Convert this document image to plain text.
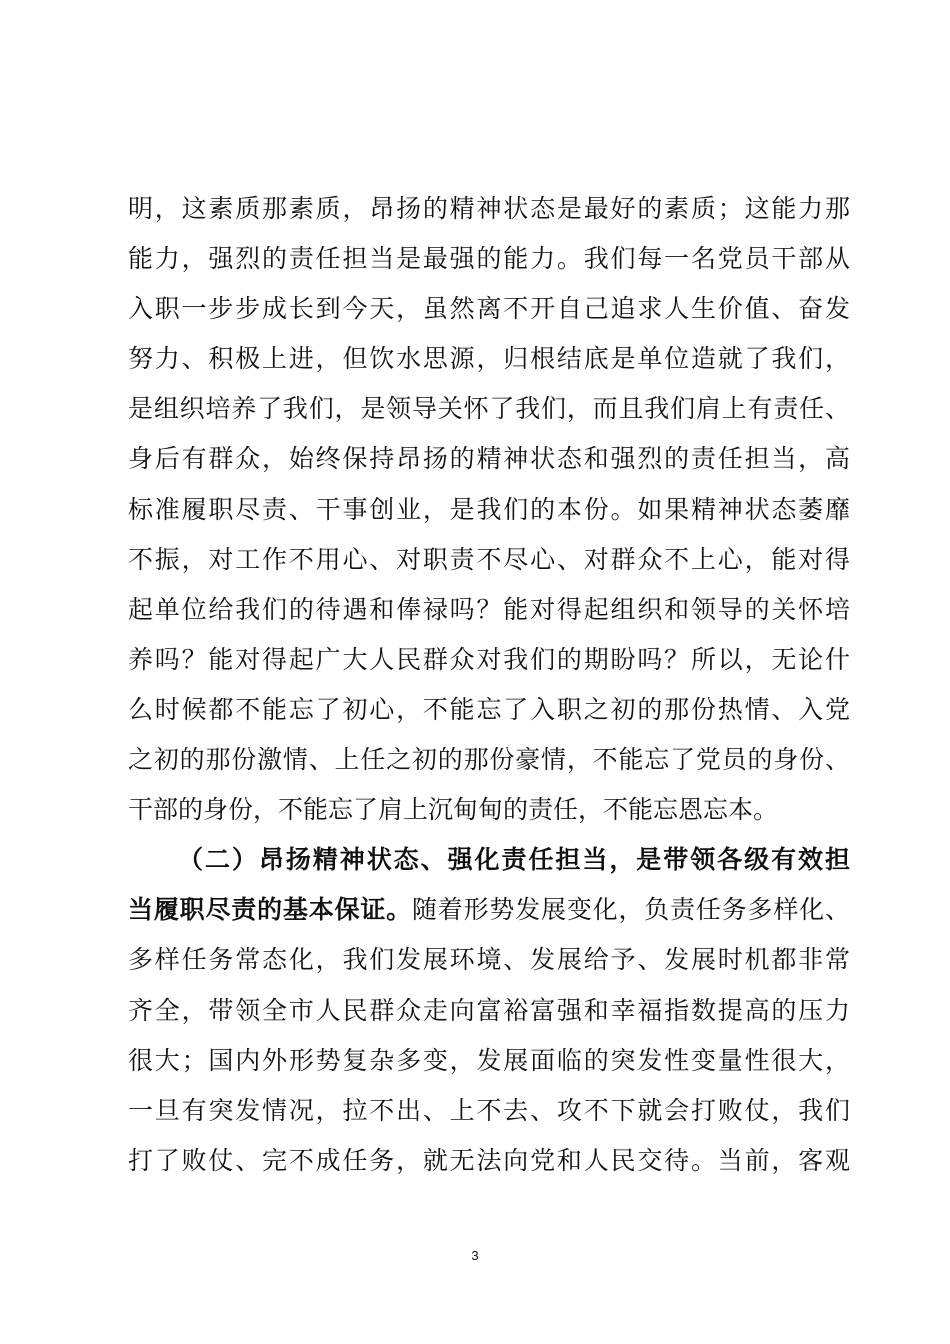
明，这素质那素质，昂扬的精神状态是最好的素质；这能力那
能力，强烈的责任担当是最强的能力。我们每一名党员干部从
入职一步步成长到今天，虽然离不开自己追求人生价值、奋发
努力、积极上进，但饮水思源，归根结底是单位造就了我们，
是组织培养了我们，是领导关怀了我们，而且我们肩上有责任、
身后有群众，始终保持昂扬的精神状态和强烈的责任担当，高
标准履职尽责、干事创业，是我们的本份。如果精神状态萎靡
不振，对工作不用心、对职责不尽心、对群众不上心，能对得
起单位给我们的待遇和俸禄吗？能对得起组织和领导的关怀培
养吗？能对得起广大人民群众对我们的期盼吗？所以，无论什
么时候都不能忘了初心，不能忘了入职之初的那份热情、入党
之初的那份激情、上任之初的那份豪情，不能忘了党员的身份、
干部的身份，不能忘了肩上沉甸甸的责任，不能忘恩忘本。
（二）昂扬精神状态、强化责任担当，是带领各级有效担
当履职尽责的基本保证。随着形势发展变化，负责任务多样化、
多样任务常态化，我们发展环境、发展给予、发展时机都非常
齐全，带领全市人民群众走向富裕富强和幸福指数提高的压力
很大；国内外形势复杂多变，发展面临的突发性变量性很大，
一旦有突发情况，拉不出、上不去、攻不下就会打败仗，我们
打了败仗、完不成任务，就无法向党和人民交待。当前，客观
3
